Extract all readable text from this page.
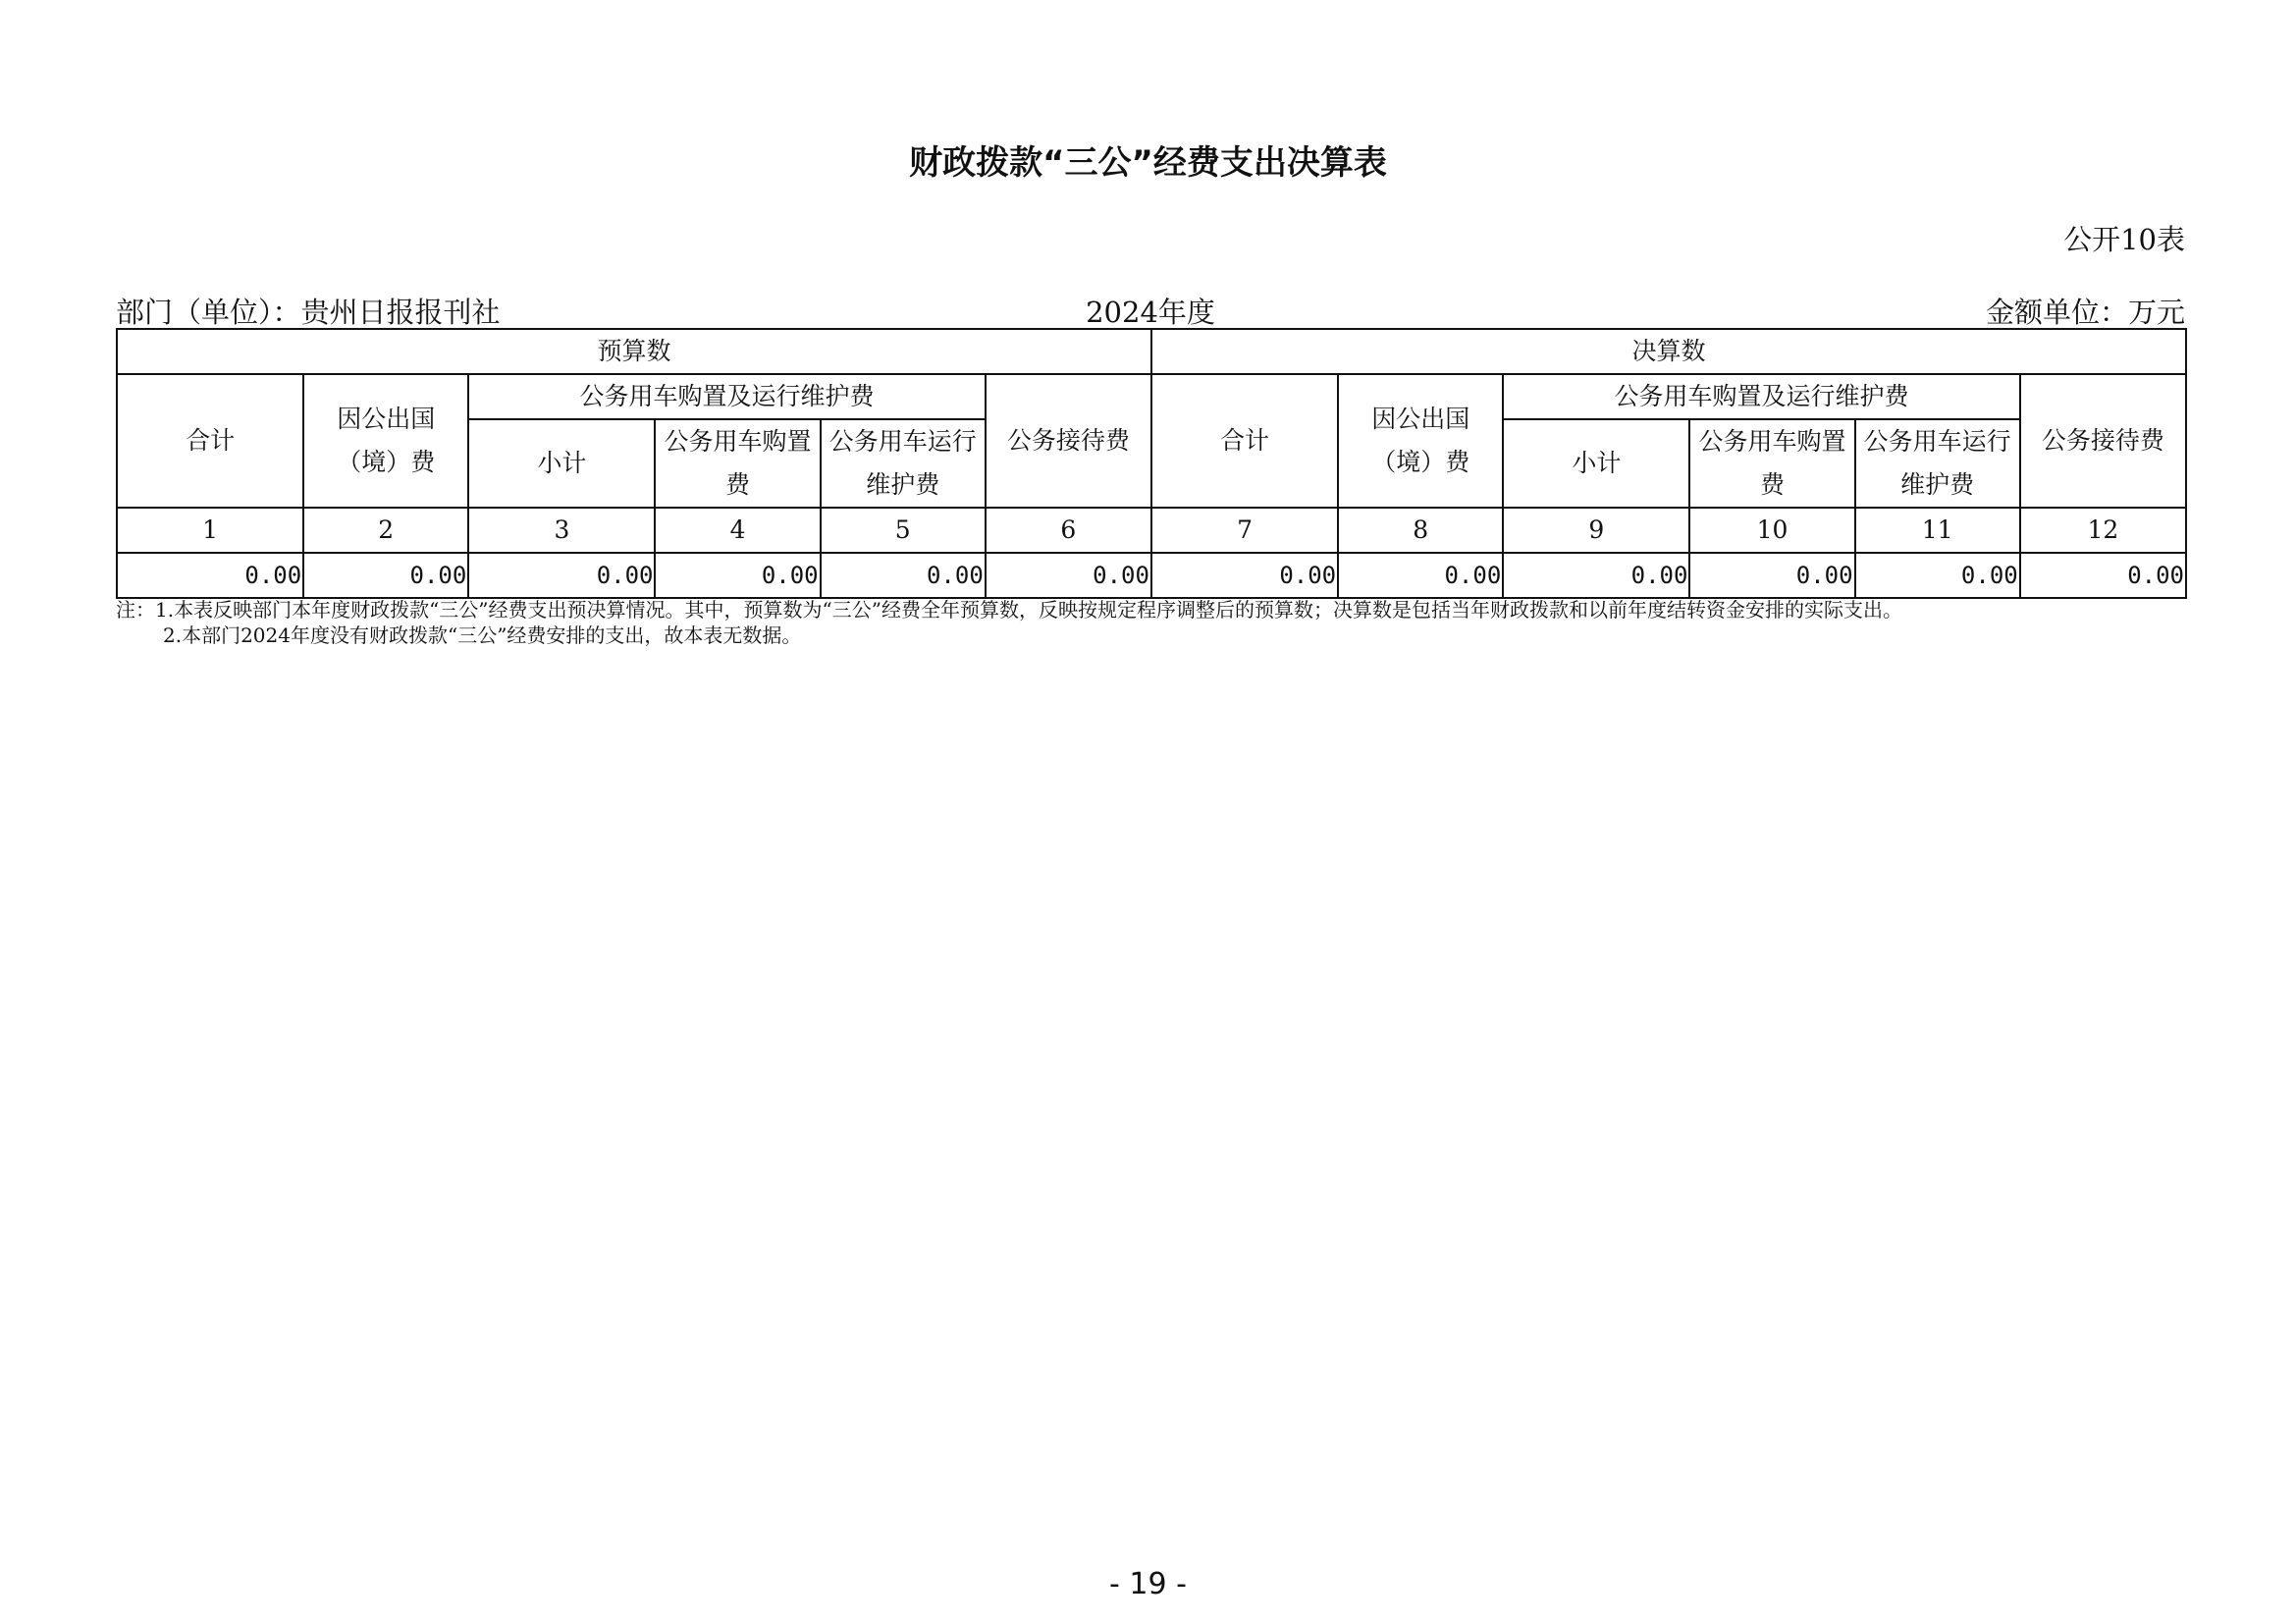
财政拨款“三公”经费支出决算表
公开10表
部门（单位）：贵州日报报刊社	2024年度	金额单位：万元
预算数						决算数					
合计	因公出国（境）费	公务用车购置及运行维护费			公务接待费	合计	因公出国（境）费	公务用车购置及运行维护费			公务接待费
		小计	公务用车购置费	公务用车运行维护费				小计	公务用车购置费	公务用车运行维护费	
1	2	3	4	5	6	7	8	9	10	11	12
0.00	0.00	0.00	0.00	0.00	0.00	0.00	0.00	0.00	0.00	0.00	0.00

注：1.本表反映部门本年度财政拨款“三公”经费支出预决算情况。其中，预算数为“三公”经费全年预算数，反映按规定程序调整后的预算数；决算数是包括当年财政拨款和以前年度结转资金安排的实际支出。

2.本部门2024年度没有财政拨款“三公”经费安排的支出，故本表无数据。

- 19 -
